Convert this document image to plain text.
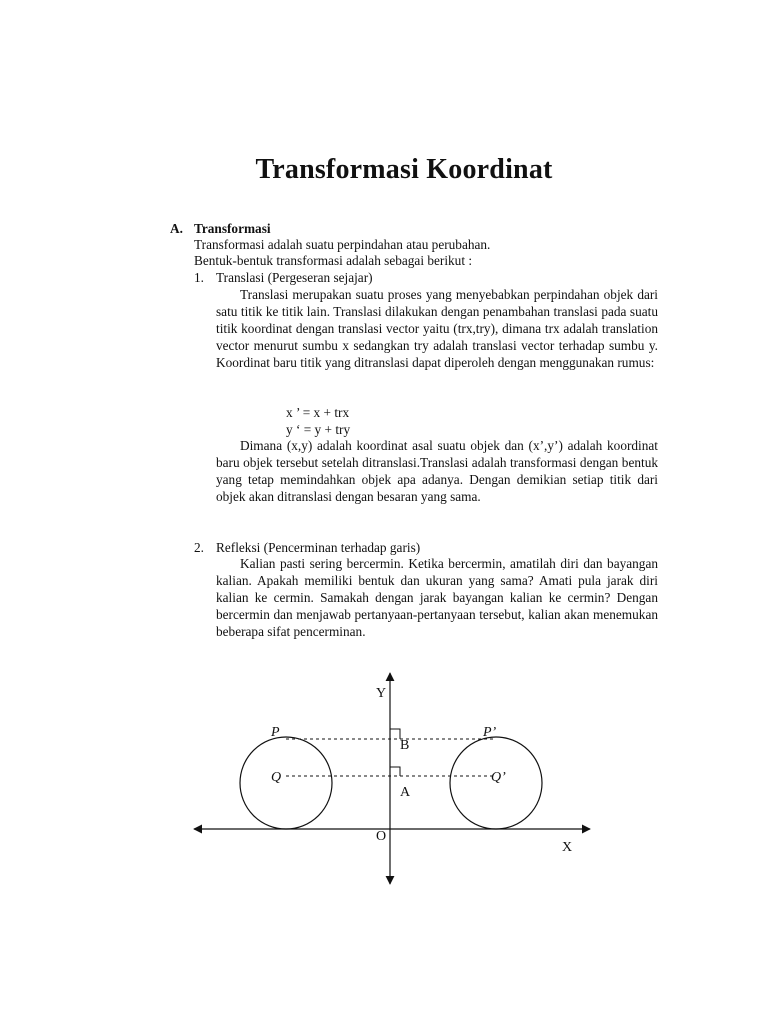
Transformasi Koordinat
A. Transformasi
Transformasi adalah suatu perpindahan atau perubahan.
Bentuk-bentuk transformasi adalah sebagai berikut :
1. Translasi (Pergeseran sejajar)
Translasi merupakan suatu proses yang menyebabkan perpindahan objek dari satu titik ke titik lain. Translasi dilakukan dengan penambahan translasi pada suatu titik koordinat dengan translasi vector yaitu (trx,try), dimana trx adalah translation vector menurut sumbu x sedangkan try adalah translasi vector terhadap sumbu y. Koordinat baru titik yang ditranslasi dapat diperoleh dengan menggunakan rumus:
x ’ = x + trx
y ‘ = y + try
Dimana (x,y) adalah koordinat asal suatu objek dan (x’,y’) adalah koordinat baru objek tersebut setelah ditranslasi.Translasi adalah transformasi dengan bentuk yang tetap memindahkan objek apa adanya. Dengan demikian setiap titik dari objek akan ditranslasi dengan besaran yang sama.
2. Refleksi (Pencerminan terhadap garis)
Kalian pasti sering bercermin. Ketika bercermin, amatilah diri dan bayangan kalian. Apakah memiliki bentuk dan ukuran yang sama? Amati pula jarak diri kalian ke cermin. Samakah dengan jarak bayangan kalian ke cermin? Dengan bercermin dan menjawab pertanyaan-pertanyaan tersebut, kalian akan menemukan beberapa sifat pencerminan.
Y
X
O
P	P’
Q	Q’
B
A
